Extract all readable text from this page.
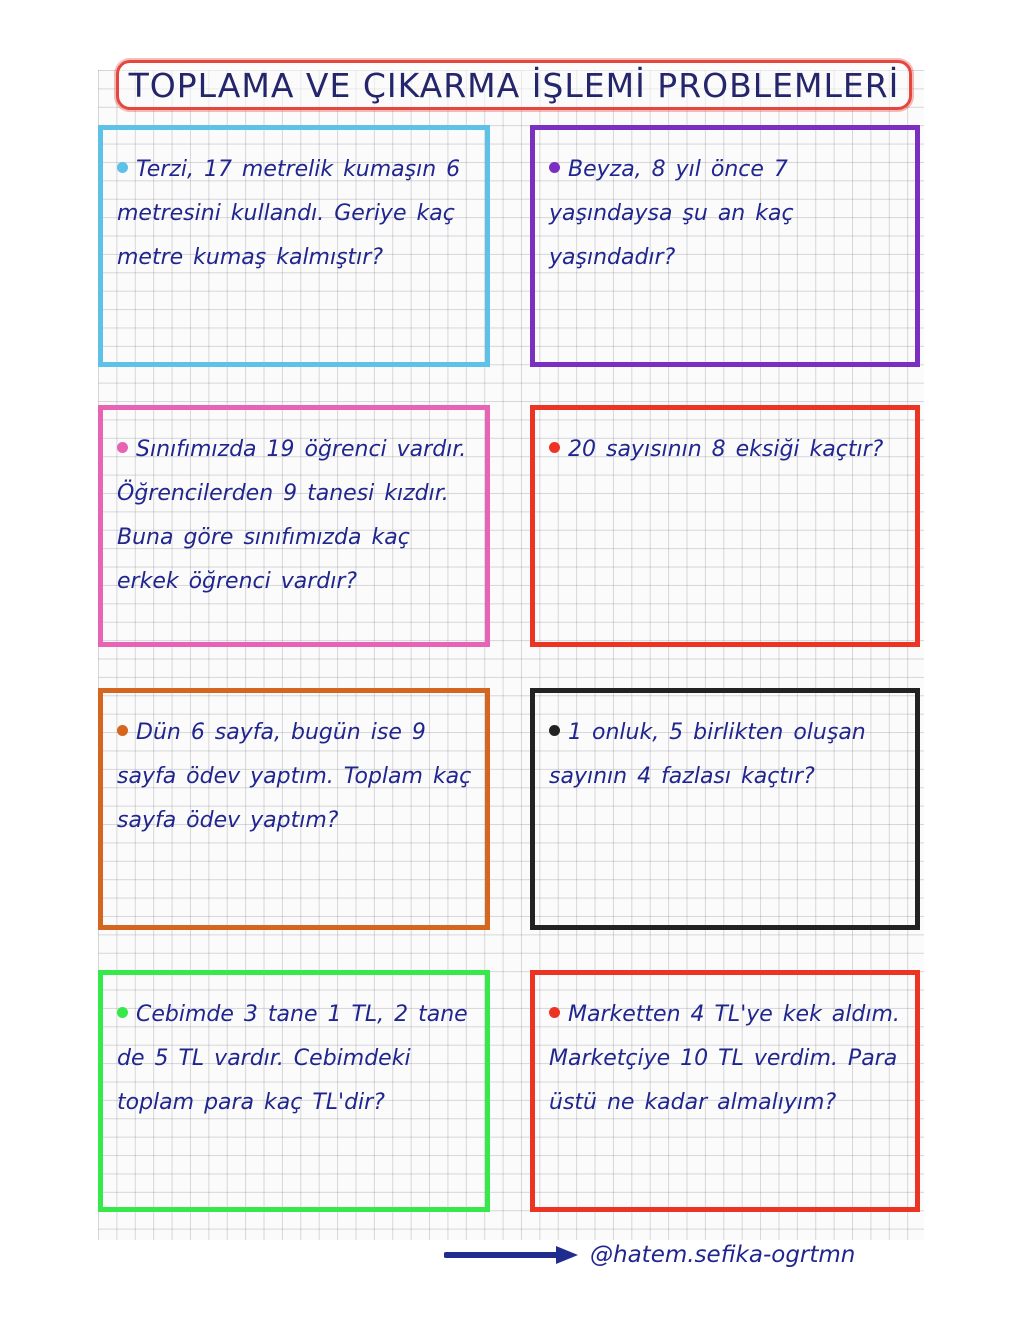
TOPLAMA VE ÇIKARMA İŞLEMİ PROBLEMLERİ
Terzi, 17 metrelik kumaşın 6 metresini kullandı. Geriye kaç metre kumaş kalmıştır?
Beyza, 8 yıl önce 7 yaşındaysa şu an kaç yaşındadır?
Sınıfımızda 19 öğrenci vardır. Öğrencilerden 9 tanesi kızdır. Buna göre sınıfımızda kaç erkek öğrenci vardır?
20 sayısının 8 eksiği kaçtır?
Dün 6 sayfa, bugün ise 9 sayfa ödev yaptım. Toplam kaç sayfa ödev yaptım?
1 onluk, 5 birlikten oluşan sayının 4 fazlası kaçtır?
Cebimde 3 tane 1 TL, 2 tane de 5 TL vardır. Cebimdeki toplam para kaç TL'dir?
Marketten 4 TL'ye kek aldım. Marketçiye 10 TL verdim. Para üstü ne kadar almalıyım?
@hatem.sefika-ogrtmn
